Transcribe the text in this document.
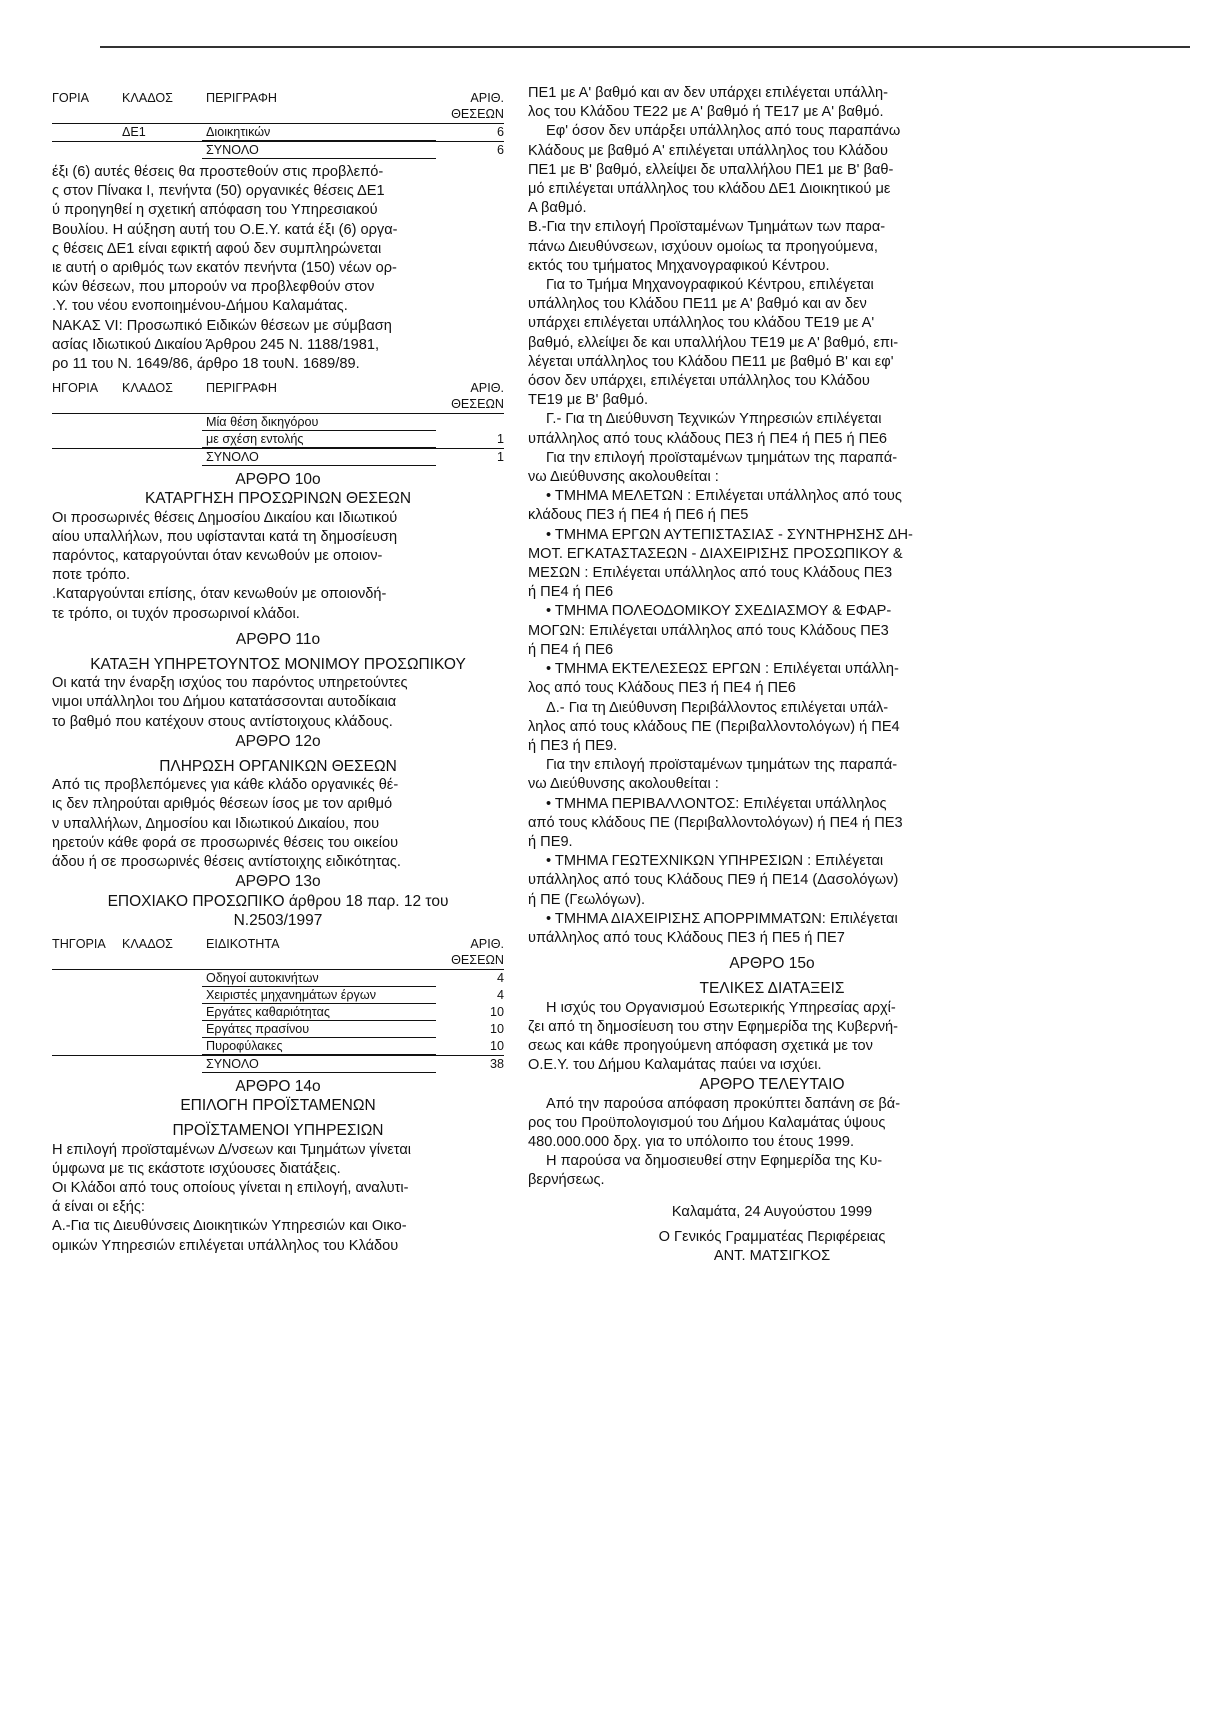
ΓΟΡΙΑ	ΚΛΑΔΟΣ	ΠΕΡΙΓΡΑΦΗ	ΑΡΙΘ. ΘΕΣΕΩΝ
ΔΕ1	Διοικητικών	6
ΣΥΝΟΛΟ	6

έξι (6) αυτές θέσεις θα προστεθούν στις προβλεπό-

ς στον Πίνακα Ι, πενήντα (50) οργανικές θέσεις ΔΕ1

ύ προηγηθεί η σχετική απόφαση του Υπηρεσιακού

Βουλίου. Η αύξηση αυτή του Ο.Ε.Υ. κατά έξι (6) οργα-

ς θέσεις ΔΕ1 είναι εφικτή αφού δεν συμπληρώνεται

ιε αυτή ο αριθμός των εκατόν πενήντα (150) νέων ορ-

κών θέσεων, που μπορούν να προβλεφθούν στον

.Υ. του νέου ενοποιημένου-Δήμου Καλαμάτας.

ΝΑΚΑΣ VI: Προσωπικό Ειδικών θέσεων με σύμβαση

ασίας Ιδιωτικού Δικαίου Άρθρου 245 Ν. 1188/1981,

ρο 11 του Ν. 1649/86, άρθρο 18 τουΝ. 1689/89.

ΗΓΟΡΙΑ	ΚΛΑΔΟΣ	ΠΕΡΙΓΡΑΦΗ	ΑΡΙΘ. ΘΕΣΕΩΝ
Μία θέση δικηγόρου
με σχέση εντολής	1
ΣΥΝΟΛΟ	1

ΑΡΘΡΟ 10ο

ΚΑΤΑΡΓΗΣΗ ΠΡΟΣΩΡΙΝΩΝ ΘΕΣΕΩΝ

Οι προσωρινές θέσεις Δημοσίου Δικαίου και Ιδιωτικού

αίου υπαλλήλων, που υφίστανται κατά τη δημοσίευση

παρόντος, καταργούνται όταν κενωθούν με οποιον-

ποτε τρόπο.

.Καταργούνται επίσης, όταν κενωθούν με οποιονδή-

τε τρόπο, οι τυχόν προσωρινοί κλάδοι.

ΑΡΘΡΟ 11ο

ΚΑΤΑΞΗ ΥΠΗΡΕΤΟΥΝΤΟΣ ΜΟΝΙΜΟΥ ΠΡΟΣΩΠΙΚΟΥ

Οι κατά την έναρξη ισχύος του παρόντος υπηρετούντες

νιμοι υπάλληλοι του Δήμου κατατάσσονται αυτοδίκαια

το βαθμό που κατέχουν στους αντίστοιχους κλάδους.

ΑΡΘΡΟ 12ο

ΠΛΗΡΩΣΗ ΟΡΓΑΝΙΚΩΝ ΘΕΣΕΩΝ

Από τις προβλεπόμενες για κάθε κλάδο οργανικές θέ-

ις δεν πληρούται αριθμός θέσεων ίσος με τον αριθμό

ν υπαλλήλων, Δημοσίου και Ιδιωτικού Δικαίου, που

ηρετούν κάθε φορά σε προσωρινές θέσεις του οικείου

άδου ή σε προσωρινές θέσεις αντίστοιχης ειδικότητας.

ΑΡΘΡΟ 13ο

ΕΠΟΧΙΑΚΟ ΠΡΟΣΩΠΙΚΟ άρθρου 18 παρ. 12 του

Ν.2503/1997

ΤΗΓΟΡΙΑ	ΚΛΑΔΟΣ	ΕΙΔΙΚΟΤΗΤΑ	ΑΡΙΘ. ΘΕΣΕΩΝ
Οδηγοί αυτοκινήτων	4
Χειριστές μηχανημάτων έργων	4
Εργάτες καθαριότητας	10
Εργάτες πρασίνου	10
Πυροφύλακες	10
ΣΥΝΟΛΟ	38

ΑΡΘΡΟ 14ο

ΕΠΙΛΟΓΗ ΠΡΟΪΣΤΑΜΕΝΩΝ

ΠΡΟΪΣΤΑΜΕΝΟΙ ΥΠΗΡΕΣΙΩΝ

Η επιλογή προϊσταμένων Δ/νσεων και Τμημάτων γίνεται

ύμφωνα με τις εκάστοτε ισχύουσες διατάξεις.

Οι Κλάδοι από τους οποίους γίνεται η επιλογή, αναλυτι-

ά είναι οι εξής:

Α.-Για τις Διευθύνσεις Διοικητικών Υπηρεσιών και Οικο-

ομικών Υπηρεσιών επιλέγεται υπάλληλος του Κλάδου

ΠΕ1 με Α' βαθμό και αν δεν υπάρχει επιλέγεται υπάλλη-

λος του Κλάδου ΤΕ22 με Α' βαθμό ή ΤΕ17 με Α' βαθμό.

Εφ' όσον δεν υπάρξει υπάλληλος από τους παραπάνω

Κλάδους με βαθμό Α' επιλέγεται υπάλληλος του Κλάδου

ΠΕ1 με Β' βαθμό, ελλείψει δε υπαλλήλου ΠΕ1 με Β' βαθ-

μό επιλέγεται υπάλληλος του κλάδου ΔΕ1 Διοικητικού με

Α βαθμό.

Β.-Για την επιλογή Προϊσταμένων Τμημάτων των παρα-

πάνω Διευθύνσεων, ισχύουν ομοίως τα προηγούμενα,

εκτός του τμήματος Μηχανογραφικού Κέντρου.

Για το Τμήμα Μηχανογραφικού Κέντρου, επιλέγεται

υπάλληλος του Κλάδου ΠΕ11 με Α' βαθμό και αν δεν

υπάρχει επιλέγεται υπάλληλος του κλάδου ΤΕ19 με Α'

βαθμό, ελλείψει δε και υπαλλήλου ΤΕ19 με Α' βαθμό, επι-

λέγεται υπάλληλος του Κλάδου ΠΕ11 με βαθμό Β' και εφ'

όσον δεν υπάρχει, επιλέγεται υπάλληλος του Κλάδου

ΤΕ19 με Β' βαθμό.

Γ.- Για τη Διεύθυνση Τεχνικών Υπηρεσιών επιλέγεται

υπάλληλος από τους κλάδους ΠΕ3 ή ΠΕ4 ή ΠΕ5 ή ΠΕ6

Για την επιλογή προϊσταμένων τμημάτων της παραπά-

νω Διεύθυνσης ακολουθείται :

• ΤΜΗΜΑ ΜΕΛΕΤΩΝ : Επιλέγεται υπάλληλος από τους

κλάδους ΠΕ3 ή ΠΕ4 ή ΠΕ6 ή ΠΕ5

• ΤΜΗΜΑ ΕΡΓΩΝ ΑΥΤΕΠΙΣΤΑΣΙΑΣ - ΣΥΝΤΗΡΗΣΗΣ ΔΗ-

ΜΟΤ. ΕΓΚΑΤΑΣΤΑΣΕΩΝ - ΔΙΑΧΕΙΡΙΣΗΣ ΠΡΟΣΩΠΙΚΟΥ &

ΜΕΣΩΝ : Επιλέγεται υπάλληλος από τους Κλάδους ΠΕ3

ή ΠΕ4 ή ΠΕ6

• ΤΜΗΜΑ ΠΟΛΕΟΔΟΜΙΚΟΥ ΣΧΕΔΙΑΣΜΟΥ & ΕΦΑΡ-

ΜΟΓΩΝ: Επιλέγεται υπάλληλος από τους Κλάδους ΠΕ3

ή ΠΕ4 ή ΠΕ6

• ΤΜΗΜΑ ΕΚΤΕΛΕΣΕΩΣ ΕΡΓΩΝ : Επιλέγεται υπάλλη-

λος από τους Κλάδους ΠΕ3 ή ΠΕ4 ή ΠΕ6

Δ.- Για τη Διεύθυνση Περιβάλλοντος επιλέγεται υπάλ-

ληλος από τους κλάδους ΠΕ (Περιβαλλοντολόγων) ή ΠΕ4

ή ΠΕ3 ή ΠΕ9.

Για την επιλογή προϊσταμένων τμημάτων της παραπά-

νω Διεύθυνσης ακολουθείται :

• ΤΜΗΜΑ ΠΕΡΙΒΑΛΛΟΝΤΟΣ: Επιλέγεται υπάλληλος

από τους κλάδους ΠΕ (Περιβαλλοντολόγων) ή ΠΕ4 ή ΠΕ3

ή ΠΕ9.

• ΤΜΗΜΑ ΓΕΩΤΕΧΝΙΚΩΝ ΥΠΗΡΕΣΙΩΝ : Επιλέγεται

υπάλληλος από τους Κλάδους ΠΕ9 ή ΠΕ14 (Δασολόγων)

ή ΠΕ (Γεωλόγων).

• ΤΜΗΜΑ ΔΙΑΧΕΙΡΙΣΗΣ ΑΠΟΡΡΙΜΜΑΤΩΝ: Επιλέγεται

υπάλληλος από τους Κλάδους ΠΕ3 ή ΠΕ5 ή ΠΕ7

ΑΡΘΡΟ 15ο

ΤΕΛΙΚΕΣ ΔΙΑΤΑΞΕΙΣ

Η ισχύς του Οργανισμού Εσωτερικής Υπηρεσίας αρχί-

ζει από τη δημοσίευση του στην Εφημερίδα της Κυβερνή-

σεως και κάθε προηγούμενη απόφαση σχετικά με τον

Ο.Ε.Υ. του Δήμου Καλαμάτας παύει να ισχύει.

ΑΡΘΡΟ ΤΕΛΕΥΤΑΙΟ

Από την παρούσα απόφαση προκύπτει δαπάνη σε βά-

ρος του Προϋπολογισμού του Δήμου Καλαμάτας ύψους

480.000.000 δρχ. για το υπόλοιπο του έτους 1999.

Η παρούσα να δημοσιευθεί στην Εφημερίδα της Κυ-

βερνήσεως.

Καλαμάτα, 24 Αυγούστου 1999

Ο Γενικός Γραμματέας Περιφέρειας

ΑΝΤ. ΜΑΤΣΙΓΚΟΣ
